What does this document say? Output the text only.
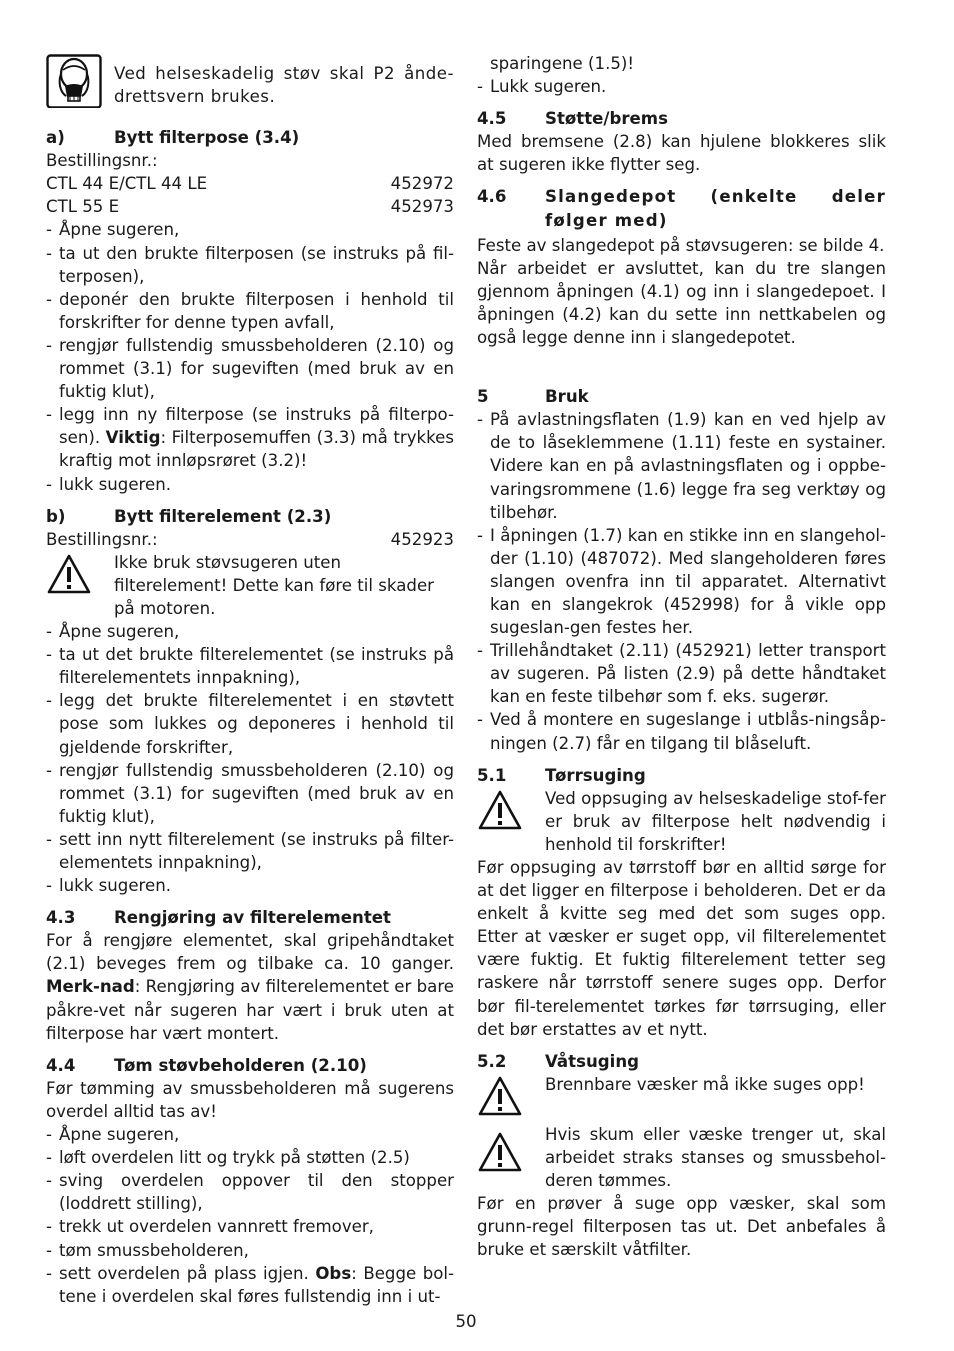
Ved helseskadelig støv skal P2 ånde-drettsvern brukes.
a)	Bytt filterpose (3.4)

Bestillingsnr.:

CTL 44 E/CTL 44 LE	452972
CTL 55 E	452973
- Åpne sugeren,
- ta ut den brukte filterposen (se instruks på fil-terposen),
- deponér den brukte filterposen i henhold til forskrifter for denne typen avfall,
- rengjør fullstendig smussbeholderen (2.10) og rommet (3.1) for sugeviften (med bruk av en fuktig klut),
- legg inn ny filterpose (se instruks på filterpo-sen). Viktig: Filterposemuffen (3.3) må trykkes kraftig mot innløpsrøret (3.2)!
- lukk sugeren.
b)	Bytt filterelement (2.3)
Bestillingsnr.:	452923
Ikke bruk støvsugeren uten filterelement! Dette kan føre til skader på motoren.
- Åpne sugeren,
- ta ut det brukte filterelementet (se instruks på filterelementets innpakning),
- legg det brukte filterelementet i en støvtett pose som lukkes og deponeres i henhold til gjeldende forskrifter,
- rengjør fullstendig smussbeholderen (2.10) og rommet (3.1) for sugeviften (med bruk av en fuktig klut),
- sett inn nytt filterelement (se instruks på filter-elementets innpakning),
- lukk sugeren.
4.3	Rengjøring av filterelementet

For å rengjøre elementet, skal gripehåndtaket (2.1) beveges frem og tilbake ca. 10 ganger. Merk-nad: Rengjøring av filterelementet er bare påkre-vet når sugeren har vært i bruk uten at filterpose har vært montert.

4.4	Tøm støvbeholderen (2.10)

Før tømming av smussbeholderen må sugerens overdel alltid tas av!

- Åpne sugeren,
- løft overdelen litt og trykk på støtten (2.5)
- sving overdelen oppover til den stopper (loddrett stilling),
- trekk ut overdelen vannrett fremover,
- tøm smussbeholderen,
- sett overdelen på plass igjen. Obs: Begge bol-tene i overdelen skal føres fullstendig inn i ut-
sparingene (1.5)!
- Lukk sugeren.
4.5	Støtte/brems

Med bremsene (2.8) kan hjulene blokkeres slik at sugeren ikke flytter seg.

4.6	Slangedepot (enkelte deler følger med)

Feste av slangedepot på støvsugeren: se bilde 4.

Når arbeidet er avsluttet, kan du tre slangen gjennom åpningen (4.1) og inn i slangedepoet. I åpningen (4.2) kan du sette inn nettkabelen og også legge denne inn i slangedepotet.

5	Bruk
- På avlastningsflaten (1.9) kan en ved hjelp av de to låseklemmene (1.11) feste en systainer. Videre kan en på avlastningsflaten og i oppbe-varingsrommene (1.6) legge fra seg verktøy og tilbehør.
- I åpningen (1.7) kan en stikke inn en slangehol-der (1.10) (487072). Med slangeholderen føres slangen ovenfra inn til apparatet. Alternativt kan en slangekrok (452998) for å vikle opp sugeslan-gen festes her.
- Trillehåndtaket (2.11) (452921) letter transport av sugeren. På listen (2.9) på dette håndtaket kan en feste tilbehør som f. eks. sugerør.
- Ved å montere en sugeslange i utblås-ningsåp-ningen (2.7) får en tilgang til blåseluft.
5.1	Tørrsuging
Ved oppsuging av helseskadelige stof-fer er bruk av filterpose helt nødvendig i henhold til forskrifter!

Før oppsuging av tørrstoff bør en alltid sørge for at det ligger en filterpose i beholderen. Det er da enkelt å kvitte seg med det som suges opp. Etter at væsker er suget opp, vil filterelementet være fuktig. Et fuktig filterelement tetter seg raskere når tørrstoff senere suges opp. Derfor bør fil-terelementet tørkes før tørrsuging, eller det bør erstattes av et nytt.

5.2	Våtsuging
Brennbare væsker må ikke suges opp!
Hvis skum eller væske trenger ut, skal arbeidet straks stanses og smussbehol-deren tømmes.

Før en prøver å suge opp væsker, skal som grunn-regel filterposen tas ut. Det anbefales å bruke et særskilt våtfilter.

50
